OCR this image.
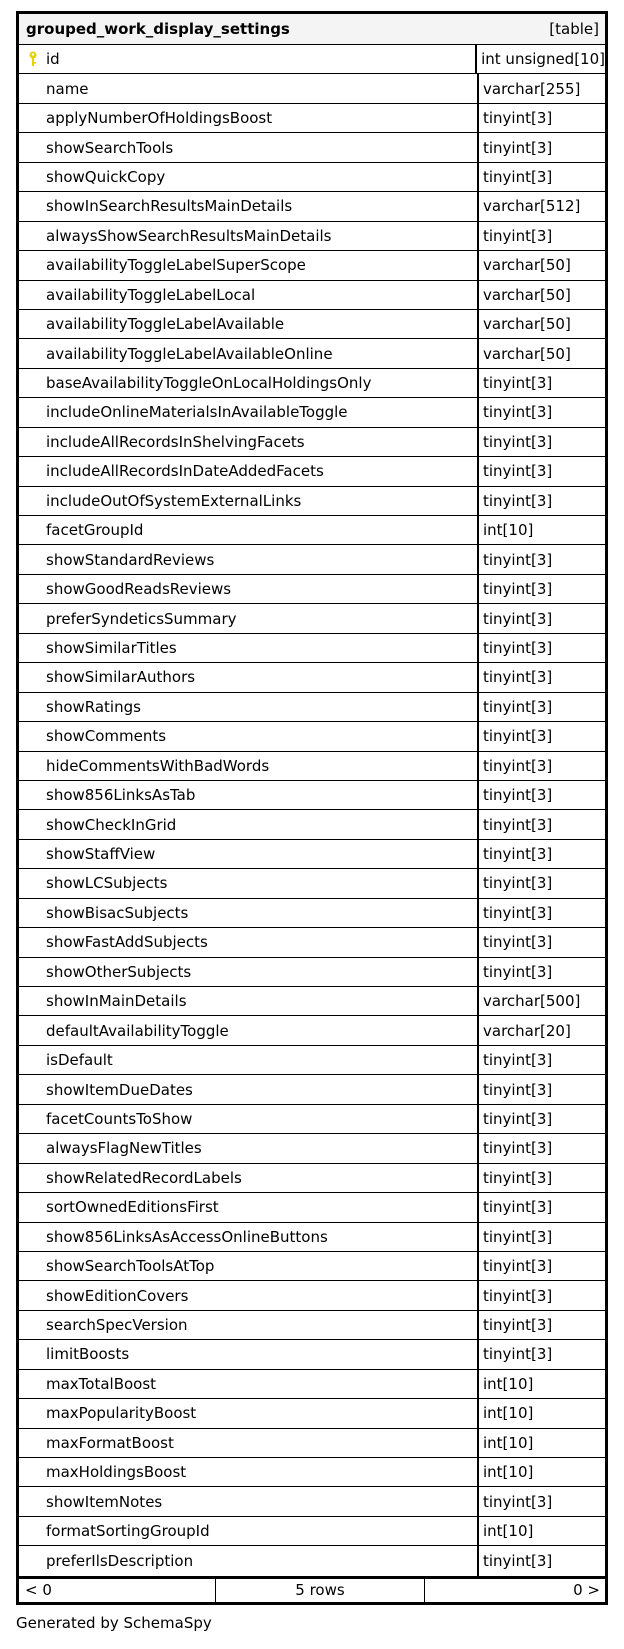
grouped_work_display_settings	[table]
id	int unsigned[10]
name	varchar[255]
applyNumberOfHoldingsBoost	tinyint[3]
showSearchTools	tinyint[3]
showQuickCopy	tinyint[3]
showInSearchResultsMainDetails	varchar[512]
alwaysShowSearchResultsMainDetails	tinyint[3]
availabilityToggleLabelSuperScope	varchar[50]
availabilityToggleLabelLocal	varchar[50]
availabilityToggleLabelAvailable	varchar[50]
availabilityToggleLabelAvailableOnline	varchar[50]
baseAvailabilityToggleOnLocalHoldingsOnly	tinyint[3]
includeOnlineMaterialsInAvailableToggle	tinyint[3]
includeAllRecordsInShelvingFacets	tinyint[3]
includeAllRecordsInDateAddedFacets	tinyint[3]
includeOutOfSystemExternalLinks	tinyint[3]
facetGroupId	int[10]
showStandardReviews	tinyint[3]
showGoodReadsReviews	tinyint[3]
preferSyndeticsSummary	tinyint[3]
showSimilarTitles	tinyint[3]
showSimilarAuthors	tinyint[3]
showRatings	tinyint[3]
showComments	tinyint[3]
hideCommentsWithBadWords	tinyint[3]
show856LinksAsTab	tinyint[3]
showCheckInGrid	tinyint[3]
showStaffView	tinyint[3]
showLCSubjects	tinyint[3]
showBisacSubjects	tinyint[3]
showFastAddSubjects	tinyint[3]
showOtherSubjects	tinyint[3]
showInMainDetails	varchar[500]
defaultAvailabilityToggle	varchar[20]
isDefault	tinyint[3]
showItemDueDates	tinyint[3]
facetCountsToShow	tinyint[3]
alwaysFlagNewTitles	tinyint[3]
showRelatedRecordLabels	tinyint[3]
sortOwnedEditionsFirst	tinyint[3]
show856LinksAsAccessOnlineButtons	tinyint[3]
showSearchToolsAtTop	tinyint[3]
showEditionCovers	tinyint[3]
searchSpecVersion	tinyint[3]
limitBoosts	tinyint[3]
maxTotalBoost	int[10]
maxPopularityBoost	int[10]
maxFormatBoost	int[10]
maxHoldingsBoost	int[10]
showItemNotes	tinyint[3]
formatSortingGroupId	int[10]
preferIlsDescription	tinyint[3]
< 0	5 rows	0 >
Generated by SchemaSpy
